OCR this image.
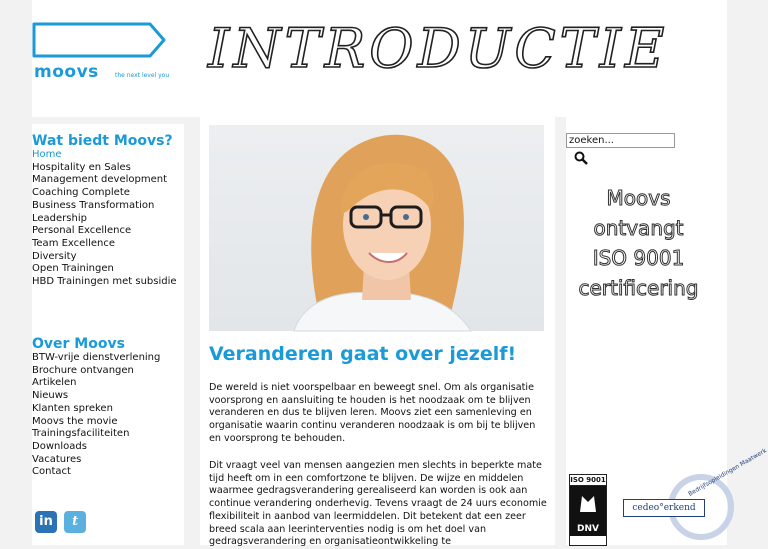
moovs	the next level you INTRODUCTIE
Wat biedt Moovs?
Home
Hospitality en Sales
Management development
Coaching Complete
Business Transformation
Leadership
Personal Excellence
Team Excellence
Diversity
Open Trainingen
HBD Trainingen met subsidie
Over Moovs
BTW-vrije dienstverlening
Brochure ontvangen
Artikelen
Nieuws
Klanten spreken
Moovs the movie
Trainingsfaciliteiten
Downloads
Vacatures
Contact
in t
Veranderen gaat over jezelf!

De wereld is niet voorspelbaar en beweegt snel. Om als organisatie voorsprong en aansluiting te houden is het noodzaak om te blijven veranderen en dus te blijven leren. Moovs ziet een samenleving en organisatie waarin continu veranderen noodzaak is om bij te blijven en voorsprong te behouden.

Dit vraagt veel van mensen aangezien men slechts in beperkte mate tijd heeft om in een comfortzone te blijven. De wijze en middelen waarmee gedragsverandering gerealiseerd kan worden is ook aan continue verandering onderhevig. Tevens vraagt de 24 uurs economie flexibiliteit in aanbod van leermiddelen. Dit betekent dat een zeer breed scala aan leerinterventies nodig is om het doel van gedragsverandering en organisatieontwikkeling te

zoeken...
Moovs
ontvangt
ISO 9001
certificering
ISO 9001
DNV
Bedrijfsopleidingen Maatwerk
cedeo°erkend
